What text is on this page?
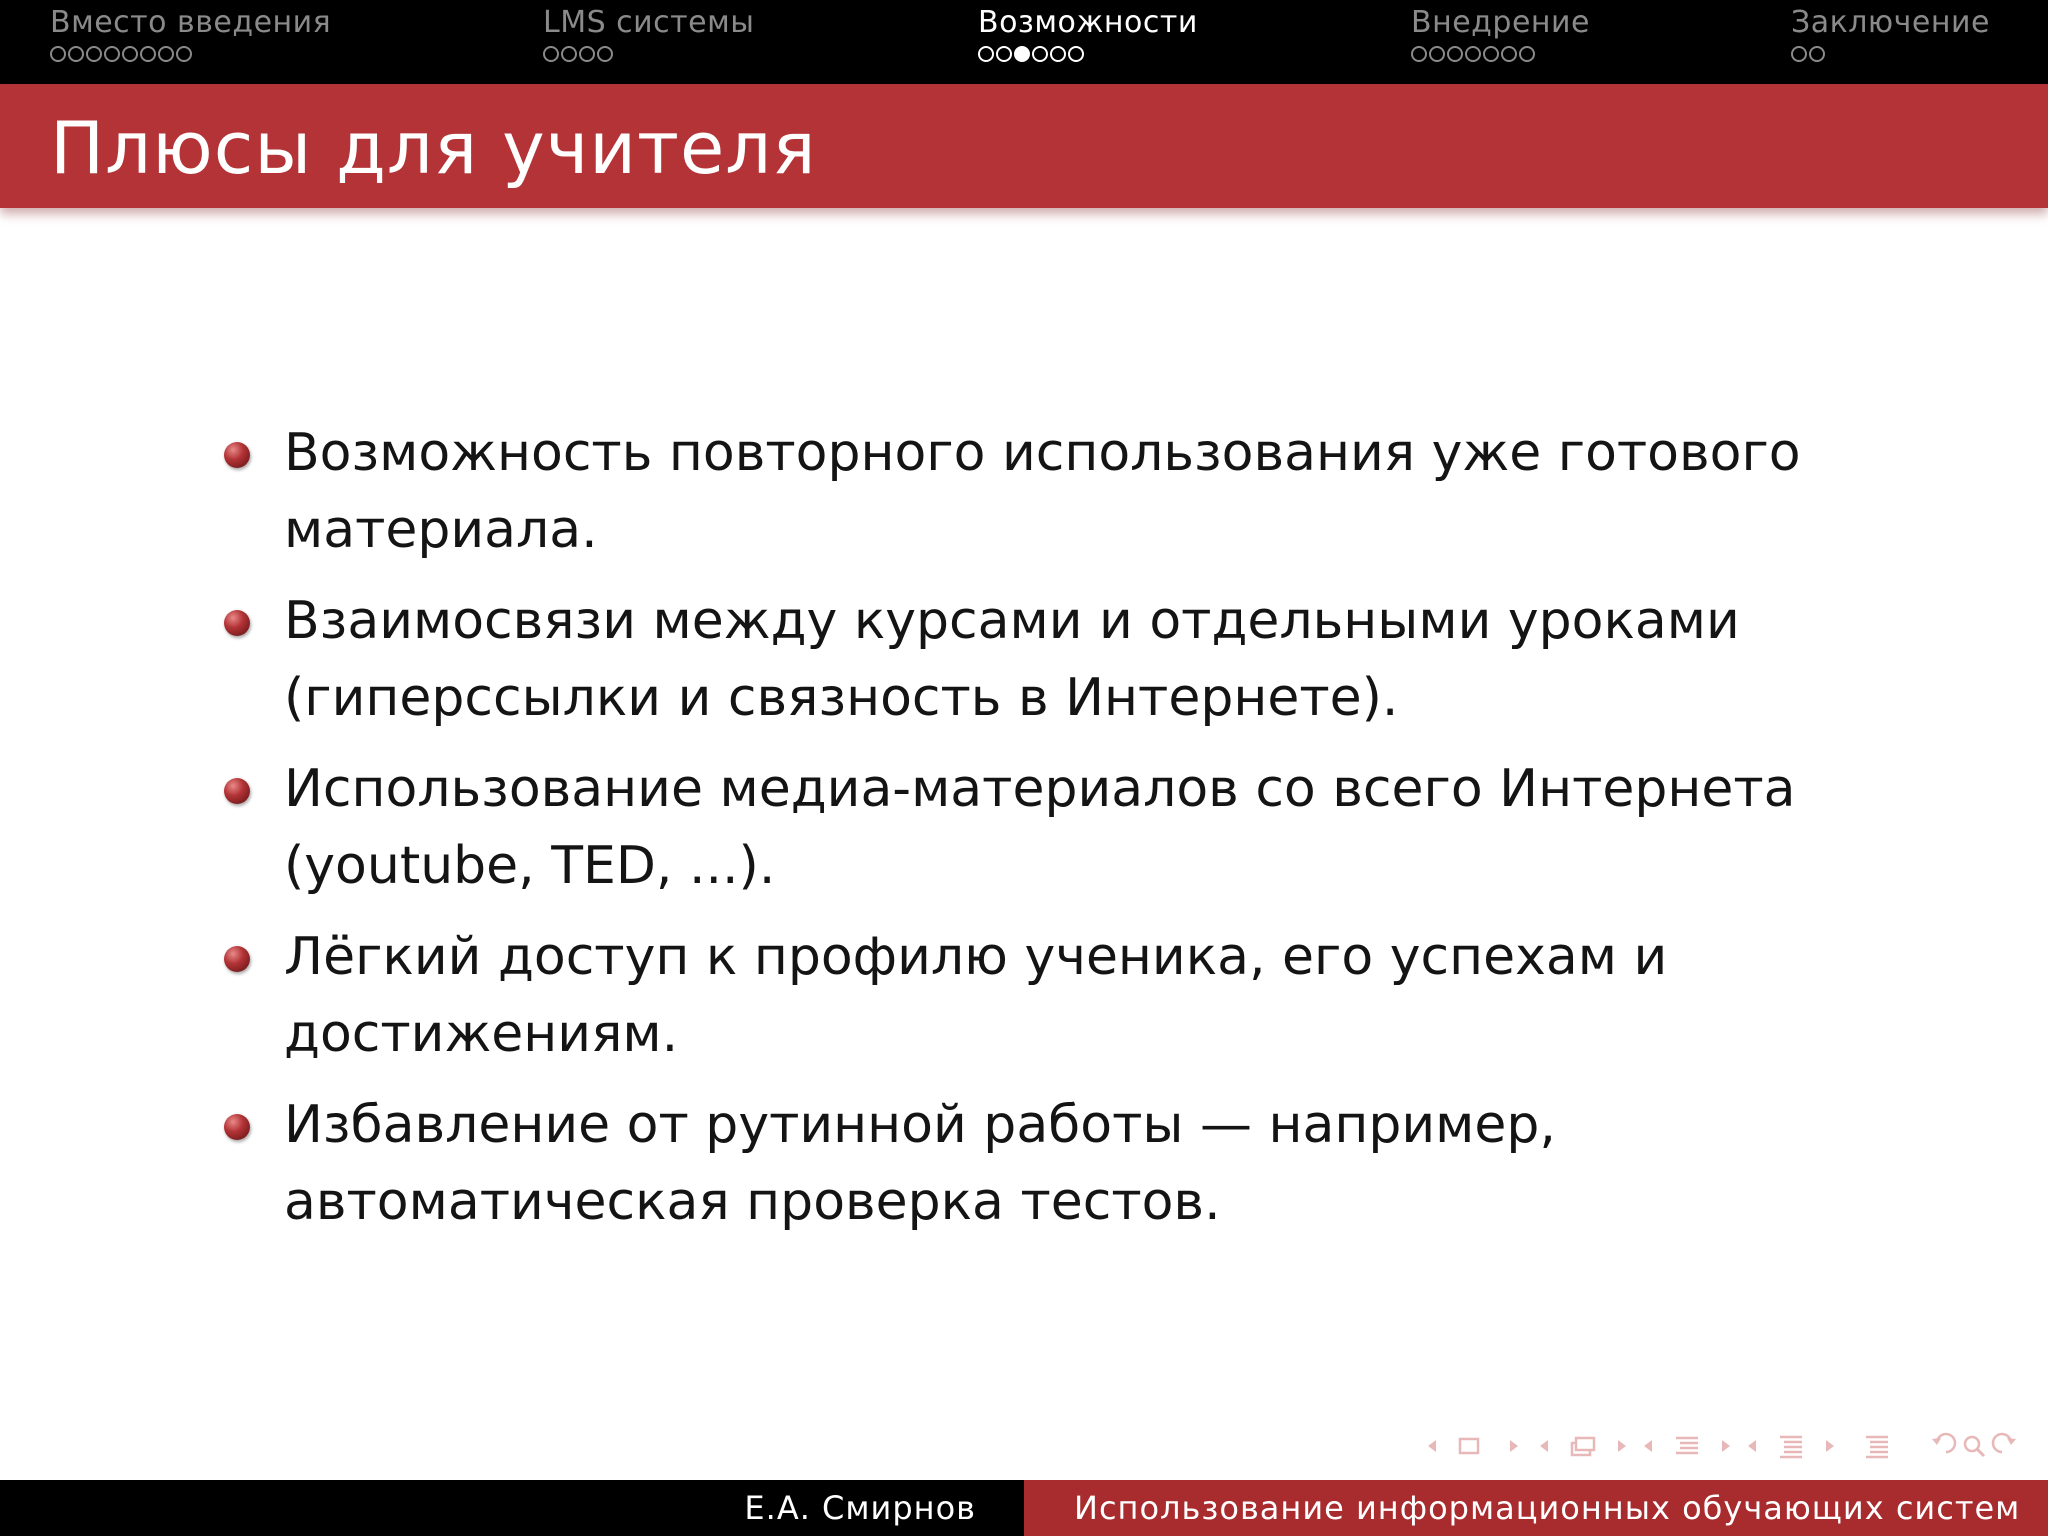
Вместо введения	LMS системы	Возможности	Внедрение	Заключение
Плюсы для учителя
Возможность повторного использования уже готового материала.
Взаимосвязи между курсами и отдельными уроками (гиперссылки и связность в Интернете).
Использование медиа-материалов со всего Интернета (youtube, TED, ...).
Лёгкий доступ к профилю ученика, его успехам и достижениям.
Избавление от рутинной работы — например, автоматическая проверка тестов.
Е.А. Смирнов	Использование информационных обучающих систем
